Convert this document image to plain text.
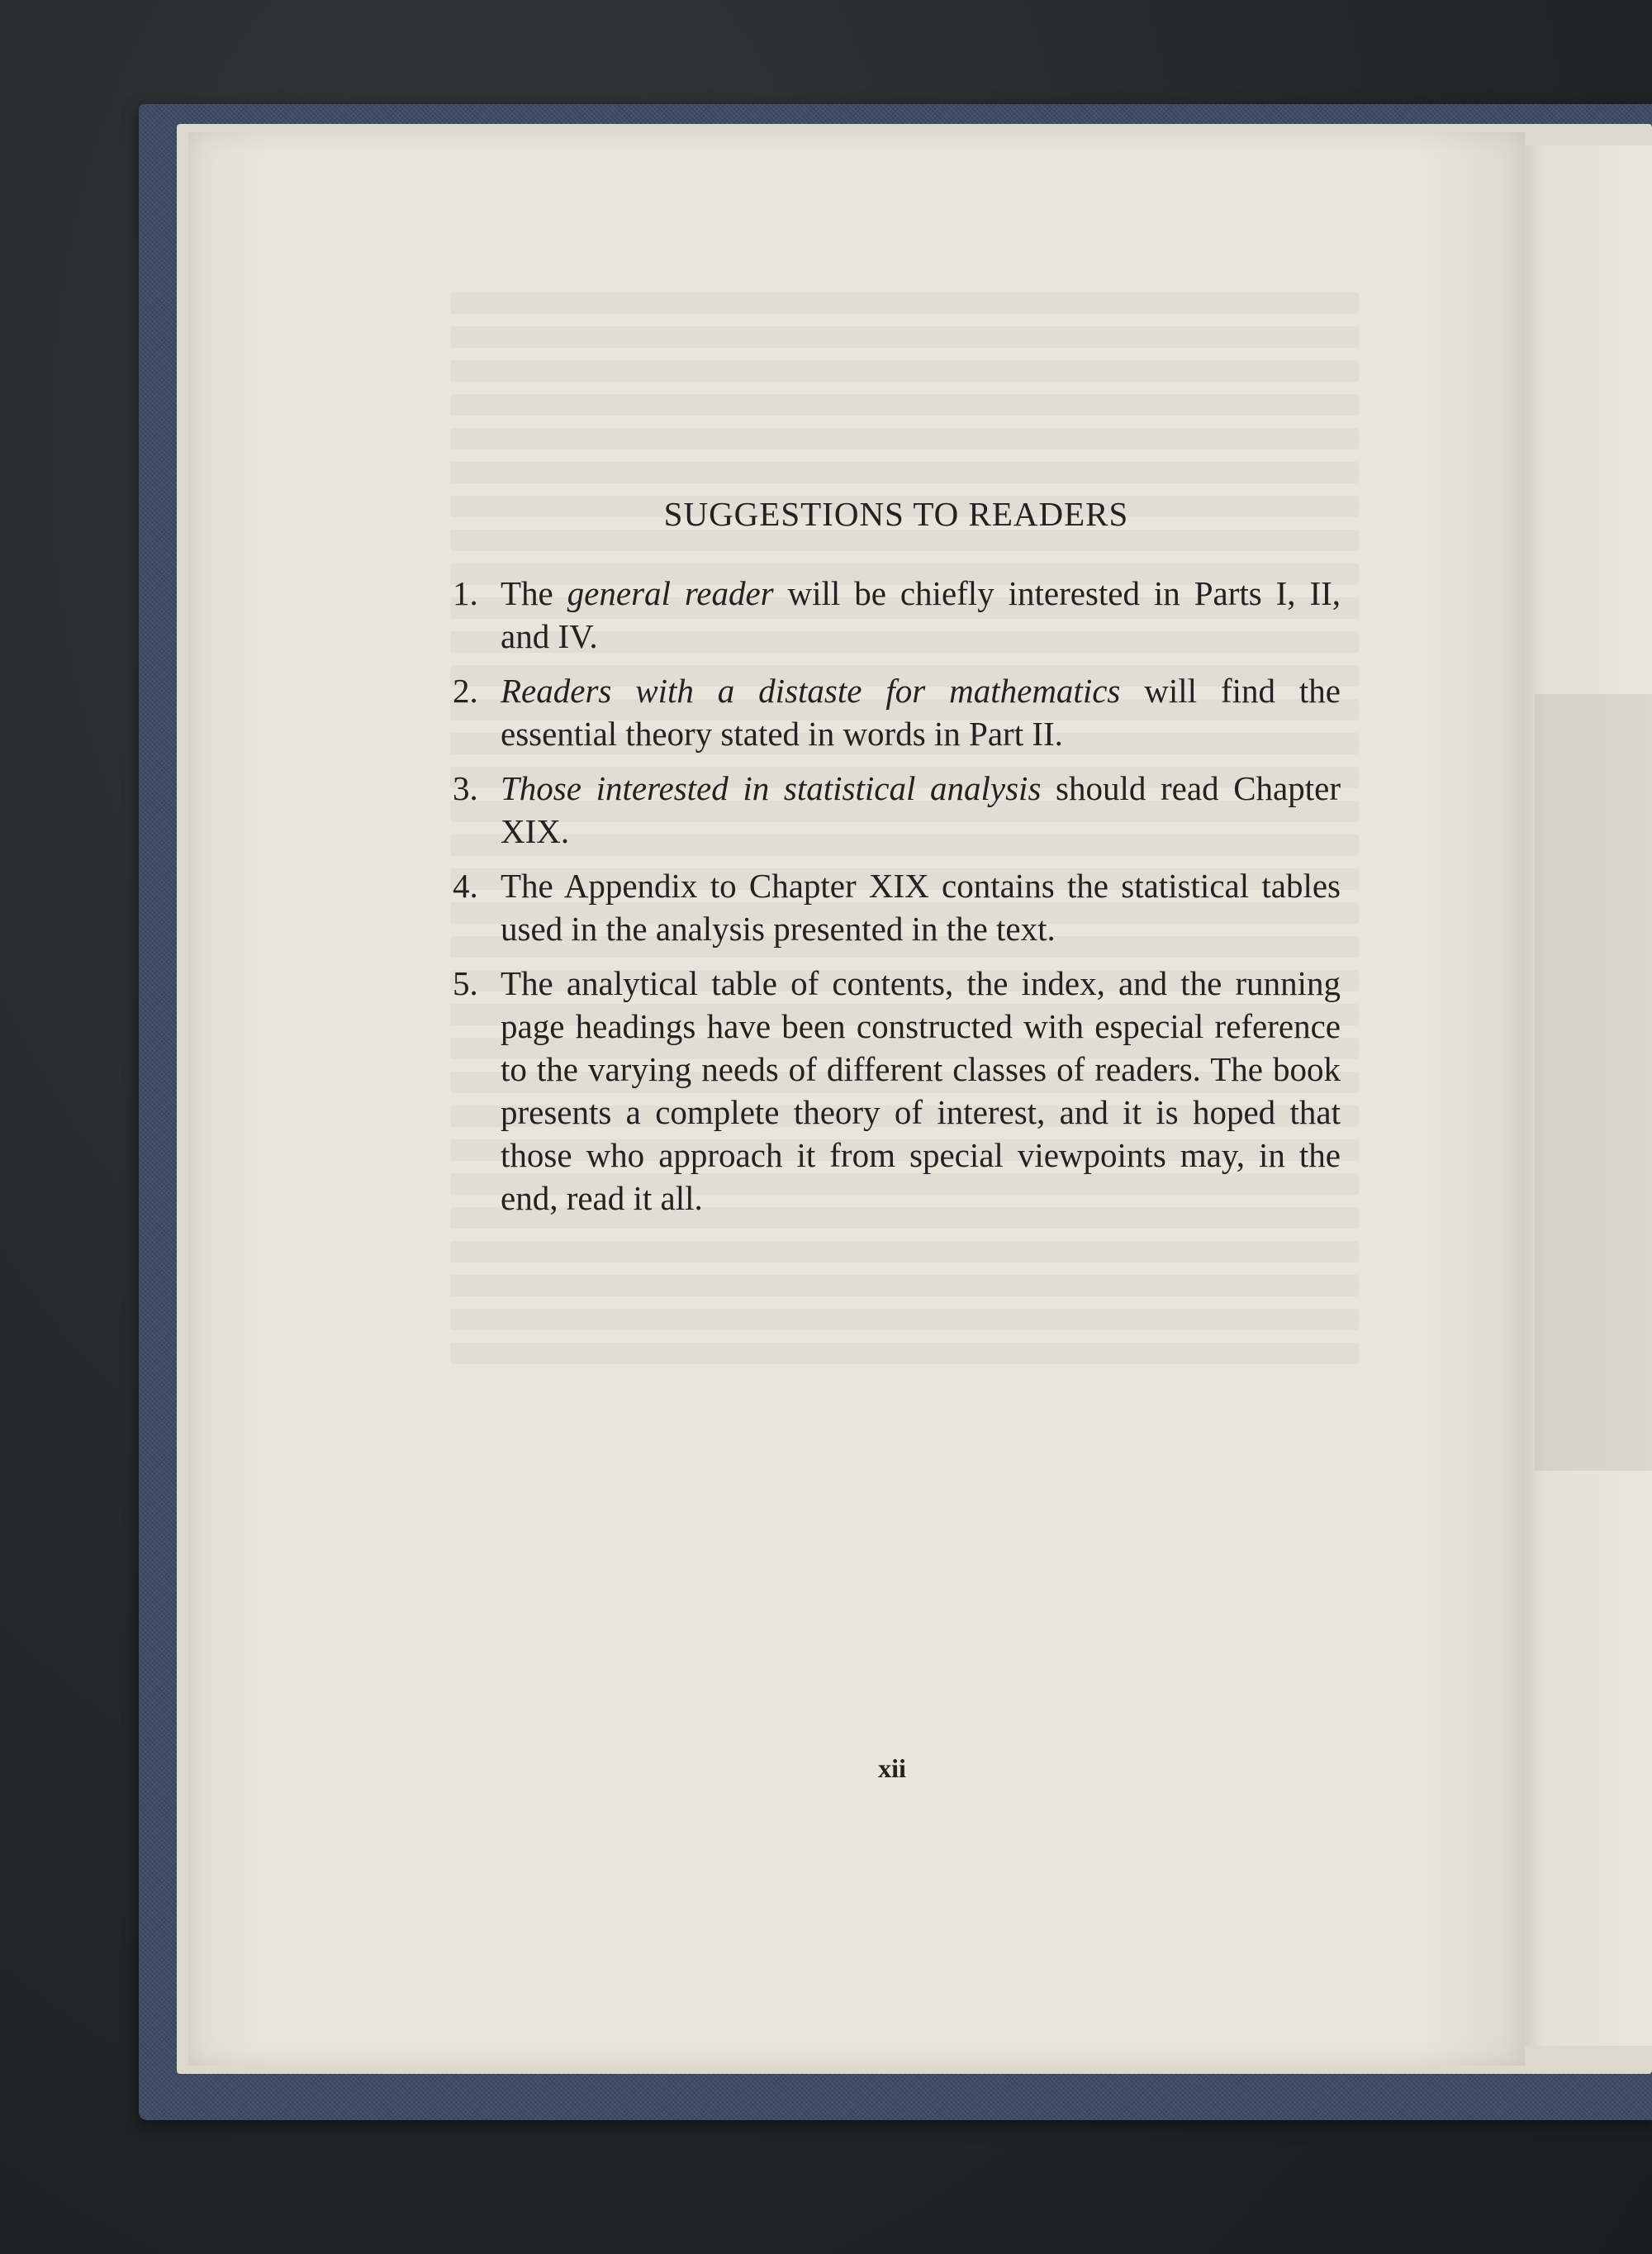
SUGGESTIONS TO READERS
1. The general reader will be chiefly interested in Parts I, II, and IV.
2. Readers with a distaste for mathematics will find the essential theory stated in words in Part II.
3. Those interested in statistical analysis should read Chapter XIX.
4. The Appendix to Chapter XIX contains the statistical tables used in the analysis presented in the text.
5. The analytical table of contents, the index, and the running page headings have been constructed with especial reference to the varying needs of different classes of readers. The book presents a complete theory of interest, and it is hoped that those who approach it from special viewpoints may, in the end, read it all.
xii
